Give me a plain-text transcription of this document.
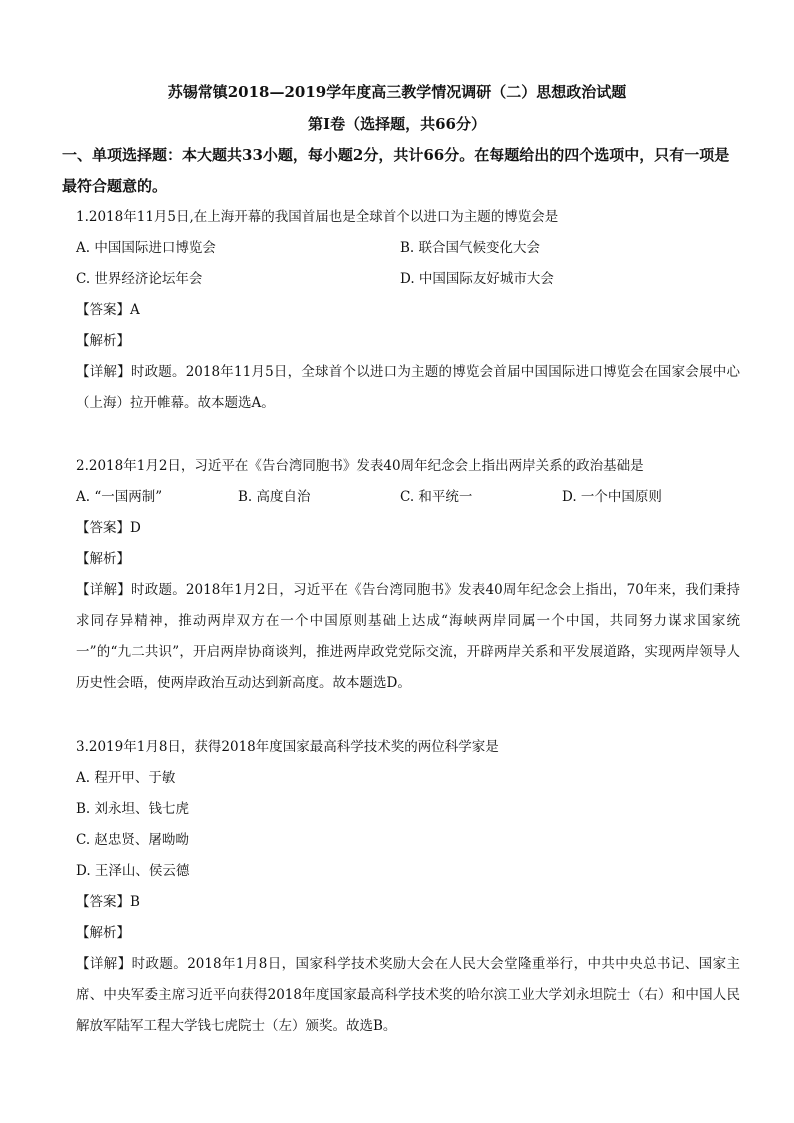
苏锡常镇2018—2019学年度高三教学情况调研（二）思想政治试题
第Ⅰ卷（选择题，共66分）
一、单项选择题：本大题共33小题，每小题2分，共计66分。在每题给出的四个选项中，只有一项是最符合题意的。
1.2018年11月5日,在上海开幕的我国首届也是全球首个以进口为主题的博览会是
A. 中国国际进口博览会	B. 联合国气候变化大会
C. 世界经济论坛年会	D. 中国国际友好城市大会
【答案】A
【解析】
【详解】时政题。2018年11月5日，全球首个以进口为主题的博览会首届中国国际进口博览会在国家会展中心（上海）拉开帷幕。故本题选A。
2.2018年1月2日，习近平在《告台湾同胞书》发表40周年纪念会上指出两岸关系的政治基础是
A. “一国两制”	B. 高度自治	C. 和平统一	D. 一个中国原则
【答案】D
【解析】
【详解】时政题。2018年1月2日，习近平在《告台湾同胞书》发表40周年纪念会上指出，70年来，我们秉持求同存异精神，推动两岸双方在一个中国原则基础上达成“海峡两岸同属一个中国，共同努力谋求国家统一”的“九二共识”，开启两岸协商谈判，推进两岸政党党际交流，开辟两岸关系和平发展道路，实现两岸领导人历史性会晤，使两岸政治互动达到新高度。故本题选D。
3.2019年1月8日，获得2018年度国家最高科学技术奖的两位科学家是
A. 程开甲、于敏
B. 刘永坦、钱七虎
C. 赵忠贤、屠呦呦
D. 王泽山、侯云德
【答案】B
【解析】
【详解】时政题。2018年1月8日，国家科学技术奖励大会在人民大会堂隆重举行，中共中央总书记、国家主席、中央军委主席习近平向获得2018年度国家最高科学技术奖的哈尔滨工业大学刘永坦院士（右）和中国人民解放军陆军工程大学钱七虎院士（左）颁奖。故选B。
